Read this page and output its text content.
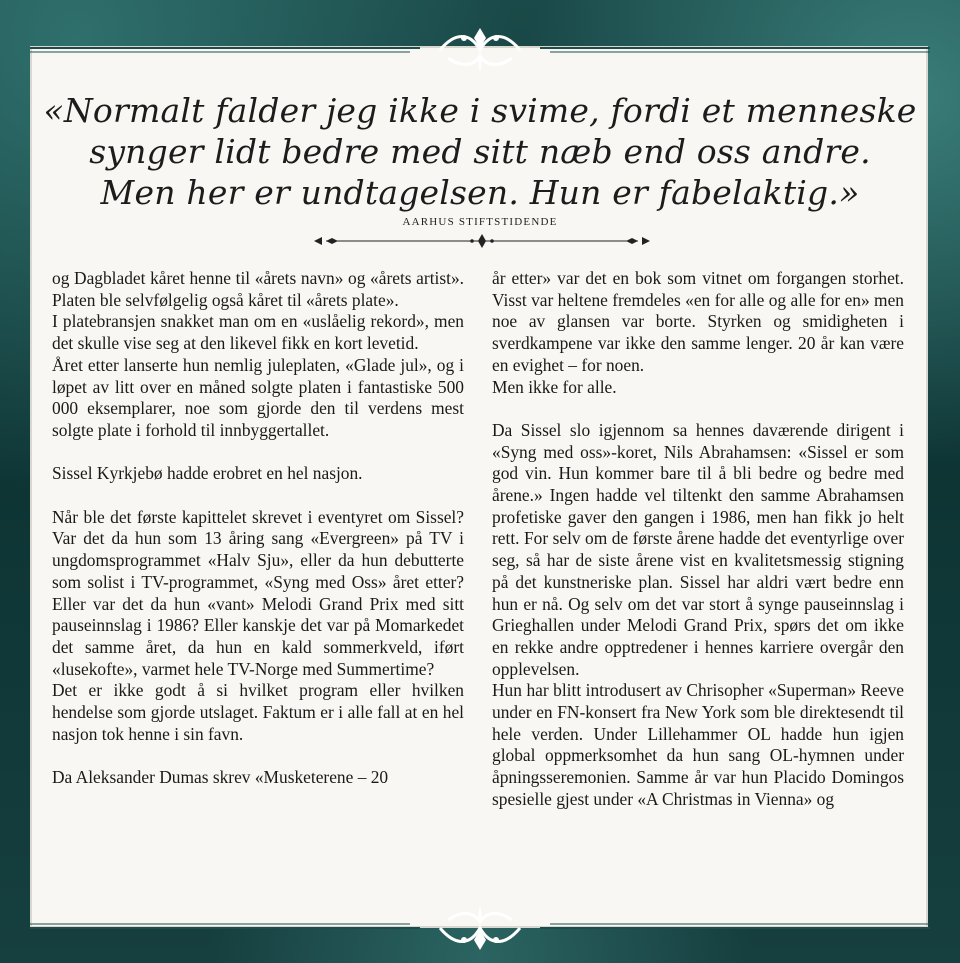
«Normalt falder jeg ikke i svime, fordi et menneske
synger lidt bedre med sitt næb end oss andre.
Men her er undtagelsen. Hun er fabelaktig.»
AARHUS STIFTSTIDENDE

og Dagbladet kåret henne til «årets navn» og «årets artist». Platen ble selvfølgelig også kåret til «årets plate».

I platebransjen snakket man om en «uslåelig rekord», men det skulle vise seg at den likevel fikk en kort levetid.

Året etter lanserte hun nemlig juleplaten, «Glade jul», og i løpet av litt over en måned solgte platen i fantastiske 500 000 eksemplarer, noe som gjorde den til verdens mest solgte plate i forhold til innbyggertallet.

Sissel Kyrkjebø hadde erobret en hel nasjon.

Når ble det første kapittelet skrevet i eventyret om Sissel? Var det da hun som 13 åring sang «Evergreen» på TV i ungdomsprogrammet «Halv Sju», eller da hun debutterte som solist i TV-programmet, «Syng med Oss» året etter? Eller var det da hun «vant» Melodi Grand Prix med sitt pauseinnslag i 1986? Eller kanskje det var på Momarkedet det samme året, da hun en kald sommerkveld, iført «lusekofte», varmet hele TV-Norge med Summertime?

Det er ikke godt å si hvilket program eller hvilken hendelse som gjorde utslaget. Faktum er i alle fall at en hel nasjon tok henne i sin favn.

Da Aleksander Dumas skrev «Musketerene – 20

år etter» var det en bok som vitnet om forgangen storhet. Visst var heltene fremdeles «en for alle og alle for en» men noe av glansen var borte. Styrken og smidigheten i sverdkampene var ikke den samme lenger. 20 år kan være en evighet – for noen.

Men ikke for alle.

Da Sissel slo igjennom sa hennes daværende dirigent i «Syng med oss»-koret, Nils Abrahamsen: «Sissel er som god vin. Hun kommer bare til å bli bedre og bedre med årene.» Ingen hadde vel tiltenkt den samme Abrahamsen profetiske gaver den gangen i 1986, men han fikk jo helt rett. For selv om de første årene hadde det eventyrlige over seg, så har de siste årene vist en kvalitetsmessig stigning på det kunstneriske plan. Sissel har aldri vært bedre enn hun er nå. Og selv om det var stort å synge pauseinnslag i Grieghallen under Melodi Grand Prix, spørs det om ikke en rekke andre opptredener i hennes karriere overgår den opplevelsen.

Hun har blitt introdusert av Chrisopher «Superman» Reeve under en FN-konsert fra New York som ble direktesendt til hele verden. Under Lillehammer OL hadde hun igjen global oppmerksomhet da hun sang OL-hymnen under åpningsseremonien. Samme år var hun Placido Domingos spesielle gjest under «A Christmas in Vienna» og
